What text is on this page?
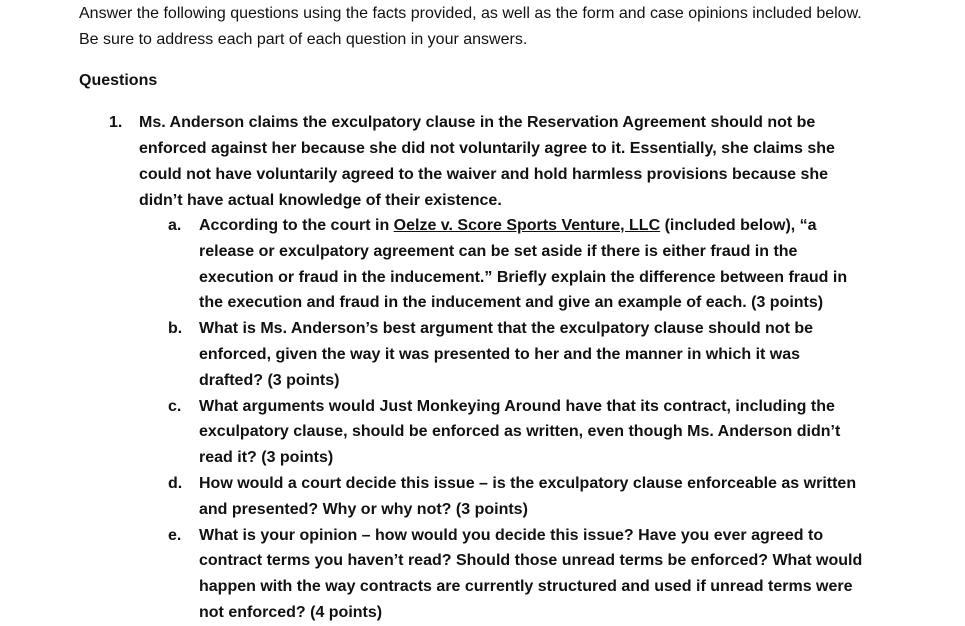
Answer the following questions using the facts provided, as well as the form and case opinions included below. Be sure to address each part of each question in your answers.

Questions

1. Ms. Anderson claims the exculpatory clause in the Reservation Agreement should not be enforced against her because she did not voluntarily agree to it. Essentially, she claims she could not have voluntarily agreed to the waiver and hold harmless provisions because she didn’t have actual knowledge of their existence.

a.	According to the court in Oelze v. Score Sports Venture, LLC (included below), “a release or exculpatory agreement can be set aside if there is either fraud in the execution or fraud in the inducement.” Briefly explain the difference between fraud in the execution and fraud in the inducement and give an example of each. (3 points)
b.	What is Ms. Anderson’s best argument that the exculpatory clause should not be enforced, given the way it was presented to her and the manner in which it was drafted? (3 points)
c.	What arguments would Just Monkeying Around have that its contract, including the exculpatory clause, should be enforced as written, even though Ms. Anderson didn’t read it? (3 points)
d.	How would a court decide this issue – is the exculpatory clause enforceable as written and presented? Why or why not? (3 points)
e.	What is your opinion – how would you decide this issue? Have you ever agreed to contract terms you haven’t read? Should those unread terms be enforced? What would happen with the way contracts are currently structured and used if unread terms were not enforced? (4 points)
